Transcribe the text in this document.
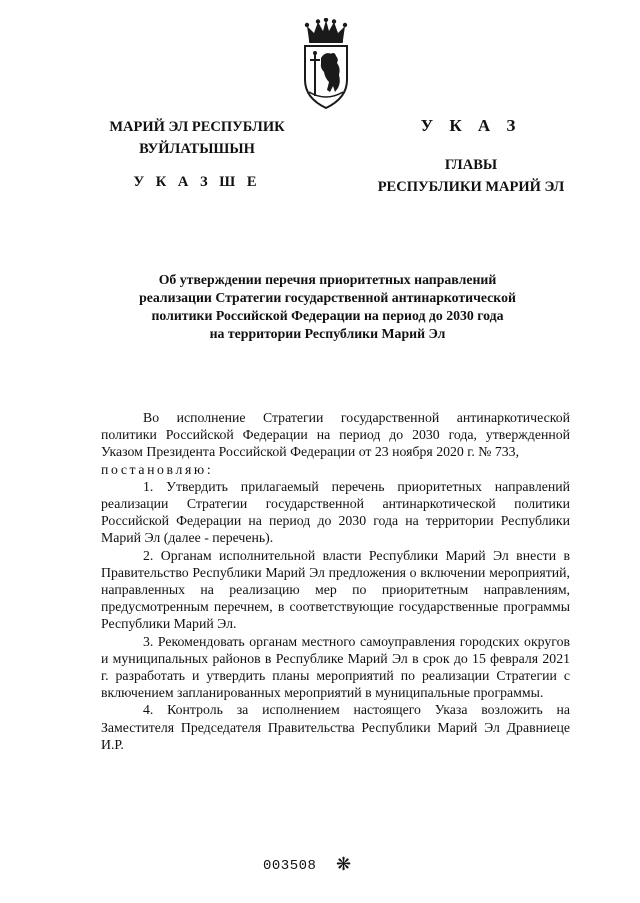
МАРИЙ ЭЛ РЕСПУБЛИК
ВУЙЛАТЫШЫН
У К А З Ш Е
У К А З
ГЛАВЫ
РЕСПУБЛИКИ МАРИЙ ЭЛ
Об утверждении перечня приоритетных направлений
реализации Стратегии государственной антинаркотической
политики Российской Федерации на период до 2030 года
на территории Республики Марий Эл

Во исполнение Стратегии государственной антинаркотической политики Российской Федерации на период до 2030 года, утвержденной Указом Президента Российской Федерации от 23 ноября 2020 г. № 733,

постановляю:

1. Утвердить прилагаемый перечень приоритетных направлений реализации Стратегии государственной антинаркотической политики Российской Федерации на период до 2030 года на территории Республики Марий Эл (далее - перечень).

2. Органам исполнительной власти Республики Марий Эл внести в Правительство Республики Марий Эл предложения о включении мероприятий, направленных на реализацию мер по приоритетным направлениям, предусмотренным перечнем, в соответствующие государственные программы Республики Марий Эл.

3. Рекомендовать органам местного самоуправления городских округов и муниципальных районов в Республике Марий Эл в срок до 15 февраля 2021 г. разработать и утвердить планы мероприятий по реализации Стратегии с включением запланированных мероприятий в муниципальные программы.

4. Контроль за исполнением настоящего Указа возложить на Заместителя Председателя Правительства Республики Марий Эл Дравниеце И.Р.

003508 ❋
